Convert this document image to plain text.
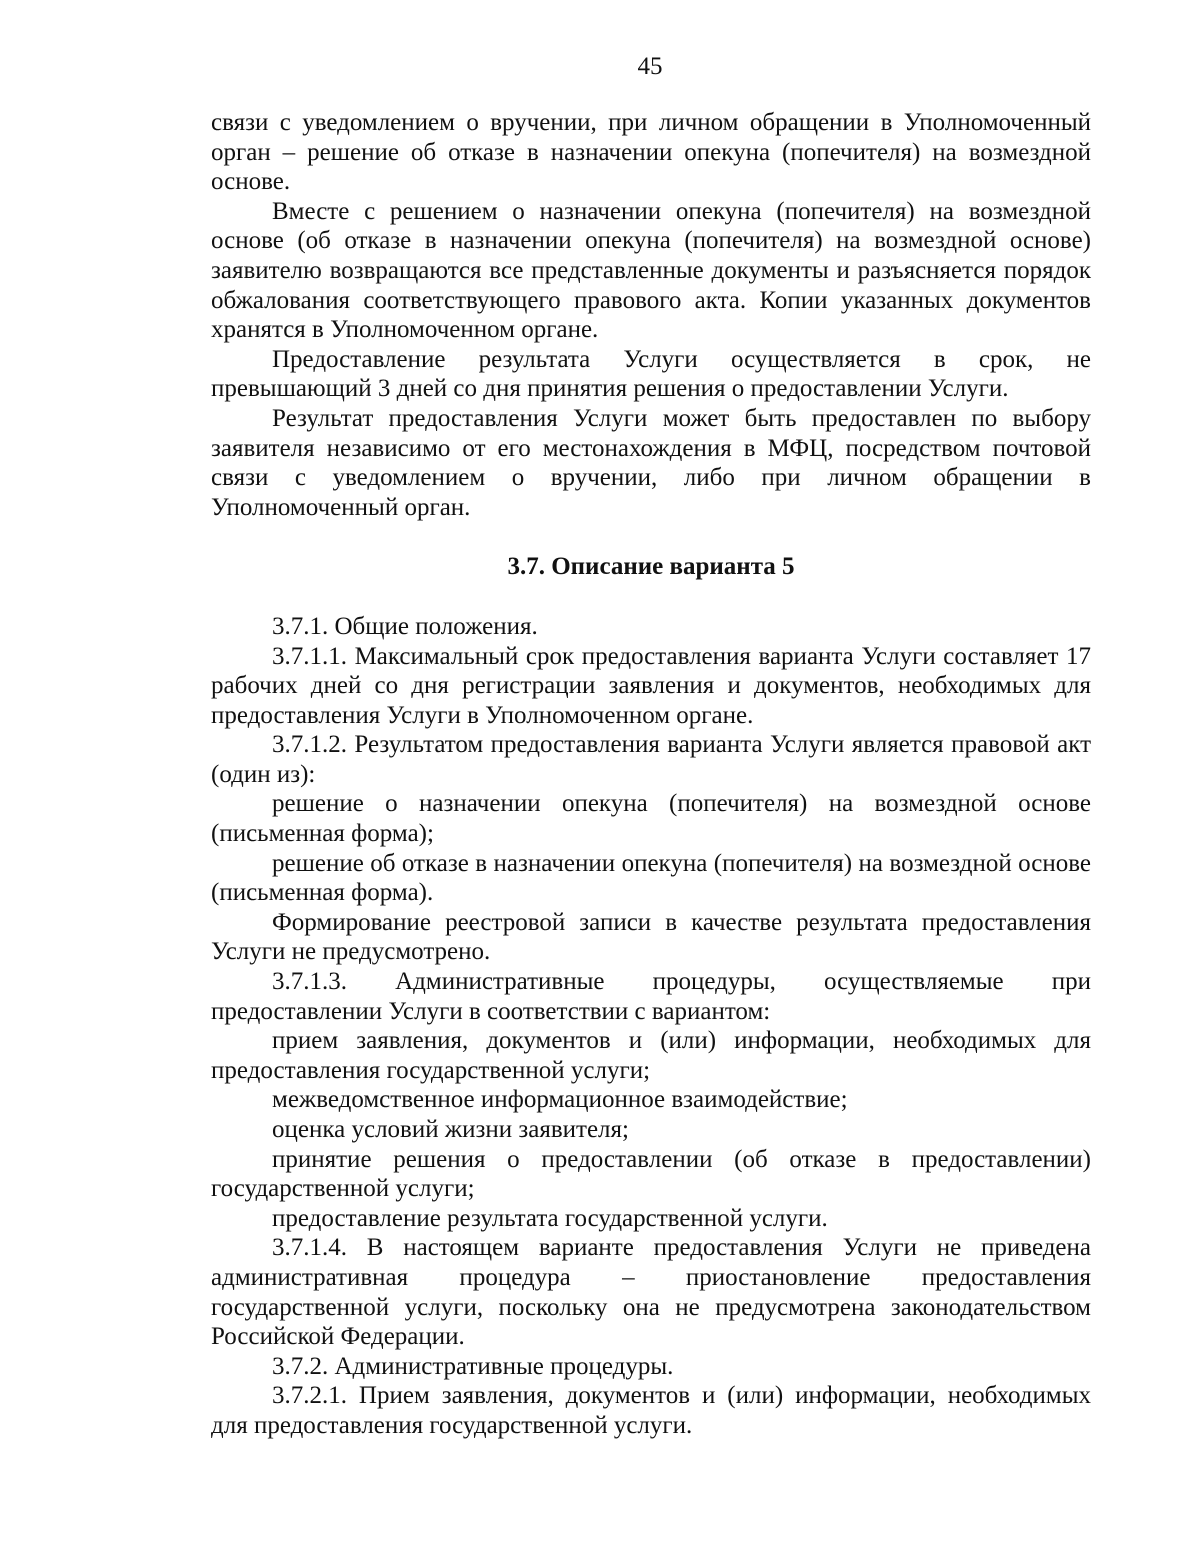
45

связи с уведомлением о вручении, при личном обращении в Уполномоченный орган – решение об отказе в назначении опекуна (попечителя) на возмездной основе.

Вместе с решением о назначении опекуна (попечителя) на возмездной основе (об отказе в назначении опекуна (попечителя) на возмездной основе) заявителю возвращаются все представленные документы и разъясняется порядок обжалования соответствующего правового акта. Копии указанных документов хранятся в Уполномоченном органе.

Предоставление результата Услуги осуществляется в срок, не превышающий 3 дней со дня принятия решения о предоставлении Услуги.

Результат предоставления Услуги может быть предоставлен по выбору заявителя независимо от его местонахождения в МФЦ, посредством почтовой связи с уведомлением о вручении, либо при личном обращении в Уполномоченный орган.

3.7. Описание варианта 5

3.7.1. Общие положения.

3.7.1.1. Максимальный срок предоставления варианта Услуги составляет 17 рабочих дней со дня регистрации заявления и документов, необходимых для предоставления Услуги в Уполномоченном органе.

3.7.1.2. Результатом предоставления варианта Услуги является правовой акт (один из):

решение о назначении опекуна (попечителя) на возмездной основе (письменная форма);

решение об отказе в назначении опекуна (попечителя) на возмездной основе (письменная форма).

Формирование реестровой записи в качестве результата предоставления Услуги не предусмотрено.

3.7.1.3. Административные процедуры, осуществляемые при предоставлении Услуги в соответствии с вариантом:

прием заявления, документов и (или) информации, необходимых для предоставления государственной услуги;

межведомственное информационное взаимодействие;

оценка условий жизни заявителя;

принятие решения о предоставлении (об отказе в предоставлении) государственной услуги;

предоставление результата государственной услуги.

3.7.1.4. В настоящем варианте предоставления Услуги не приведена административная процедура – приостановление предоставления государственной услуги, поскольку она не предусмотрена законодательством Российской Федерации.

3.7.2. Административные процедуры.

3.7.2.1. Прием заявления, документов и (или) информации, необходимых для предоставления государственной услуги.
